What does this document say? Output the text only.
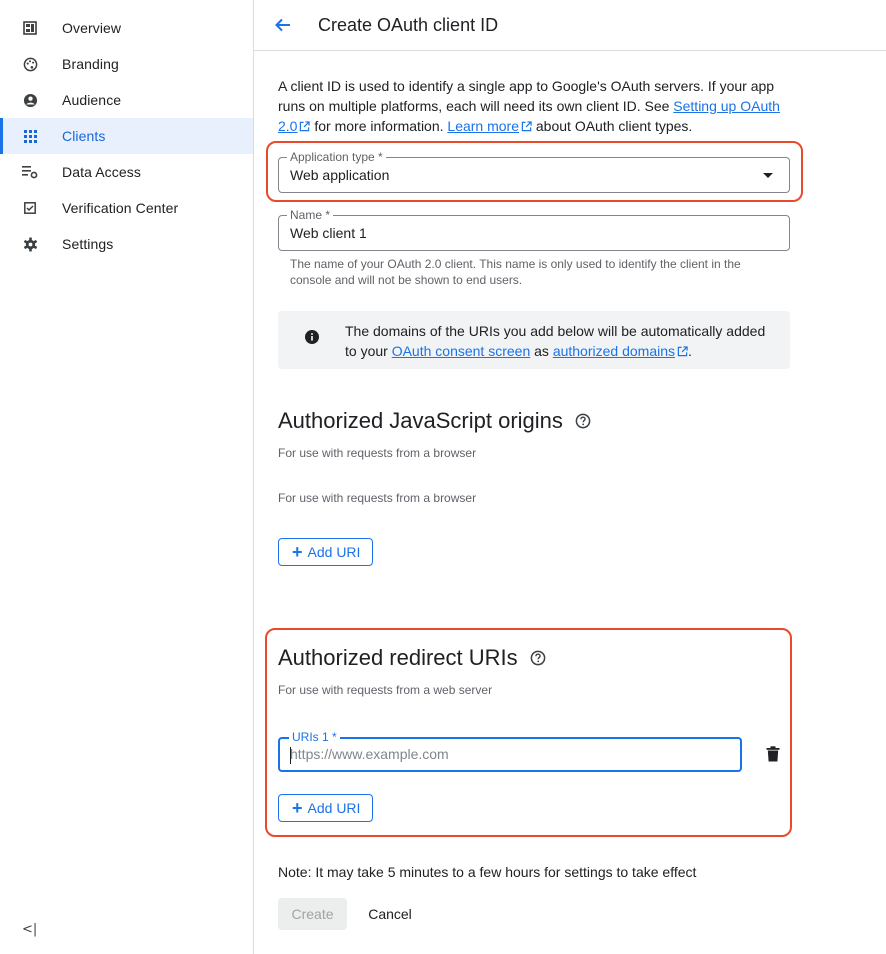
Overview
Branding
Audience
Clients
Data Access
Verification Center
Settings
<|
Create OAuth client ID
A client ID is used to identify a single app to Google's OAuth servers. If your app runs on multiple platforms, each will need its own client ID. See Setting up OAuth 2.0 for more information. Learn more about OAuth client types.
Application type *
Web application
Name *
Web client 1
The name of your OAuth 2.0 client. This name is only used to identify the client in the console and will not be shown to end users.
The domains of the URIs you add below will be automatically added to your OAuth consent screen as authorized domains .
Authorized JavaScript origins
For use with requests from a browser
For use with requests from a browser
+ Add URI
Authorized redirect URIs
For use with requests from a web server
URIs 1 *
https://www.example.com
+ Add URI
Note: It may take 5 minutes to a few hours for settings to take effect
Create	Cancel
